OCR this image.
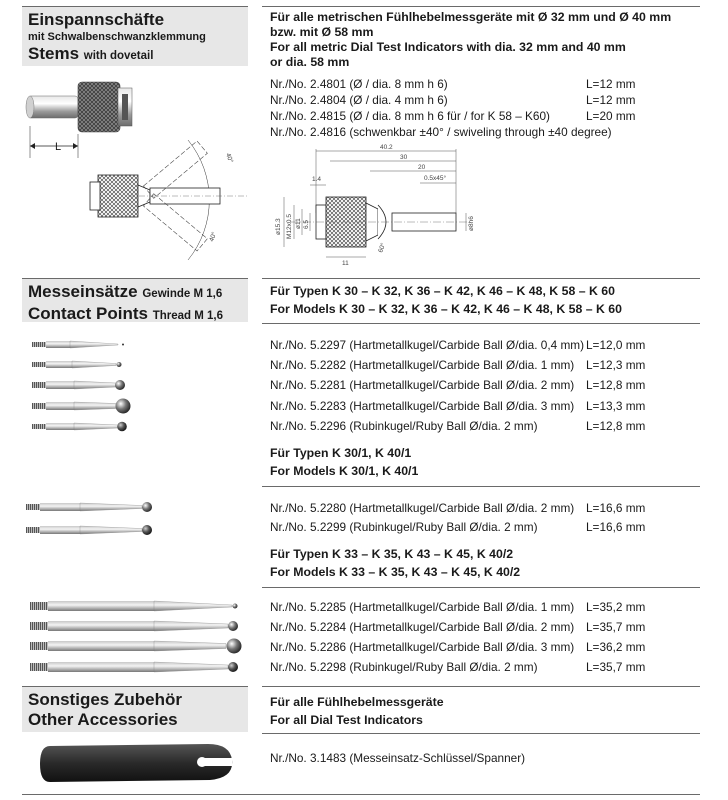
Einspannschäfte
mit Schwalbenschwanzklemmung
Stems with dovetail
Für alle metrischen Fühlhebelmessgeräte mit Ø 32 mm und Ø 40 mm
bzw. mit Ø 58 mm
For all metric Dial Test Indicators with dia. 32 mm and 40 mm
or dia. 58 mm
Nr./No. 2.4801 (Ø / dia. 8 mm h 6)	L=12 mm
Nr./No. 2.4804 (Ø / dia. 4 mm h 6)	L=12 mm
Nr./No. 2.4815 (Ø / dia. 8 mm h 6 für / for K 58 – K60)	L=20 mm
Nr./No. 2.4816 (schwenkbar ±40° / swiveling through ±40 degree)
L
40°
40°
40.2
30
20
0.5x45°
1.4
ø15.3 M12x0.5 ø11 6.5
11
ø8h6
60°
Messeinsätze Gewinde M 1,6
Contact Points Thread M 1,6
Für Typen K 30 – K 32, K 36 – K 42, K 46 – K 48, K 58 – K 60
For Models K 30 – K 32, K 36 – K 42, K 46 – K 48, K 58 – K 60
Nr./No. 5.2297 (Hartmetallkugel/Carbide Ball Ø/dia. 0,4 mm) L=12,0 mm
Nr./No. 5.2282 (Hartmetallkugel/Carbide Ball Ø/dia. 1 mm) L=12,3 mm
Nr./No. 5.2281 (Hartmetallkugel/Carbide Ball Ø/dia. 2 mm) L=12,8 mm
Nr./No. 5.2283 (Hartmetallkugel/Carbide Ball Ø/dia. 3 mm) L=13,3 mm
Nr./No. 5.2296 (Rubinkugel/Ruby Ball Ø/dia. 2 mm)	L=12,8 mm
Für Typen K 30/1, K 40/1
For Models K 30/1, K 40/1
Nr./No. 5.2280 (Hartmetallkugel/Carbide Ball Ø/dia. 2 mm) L=16,6 mm
Nr./No. 5.2299 (Rubinkugel/Ruby Ball Ø/dia. 2 mm)	L=16,6 mm
Für Typen K 33 – K 35, K 43 – K 45, K 40/2
For Models K 33 – K 35, K 43 – K 45, K 40/2
Nr./No. 5.2285 (Hartmetallkugel/Carbide Ball Ø/dia. 1 mm) L=35,2 mm
Nr./No. 5.2284 (Hartmetallkugel/Carbide Ball Ø/dia. 2 mm) L=35,7 mm
Nr./No. 5.2286 (Hartmetallkugel/Carbide Ball Ø/dia. 3 mm) L=36,2 mm
Nr./No. 5.2298 (Rubinkugel/Ruby Ball Ø/dia. 2 mm)	L=35,7 mm
Sonstiges Zubehör
Other Accessories
Für alle Fühlhebelmessgeräte
For all Dial Test Indicators
Nr./No. 3.1483 (Messeinsatz-Schlüssel/Spanner)
